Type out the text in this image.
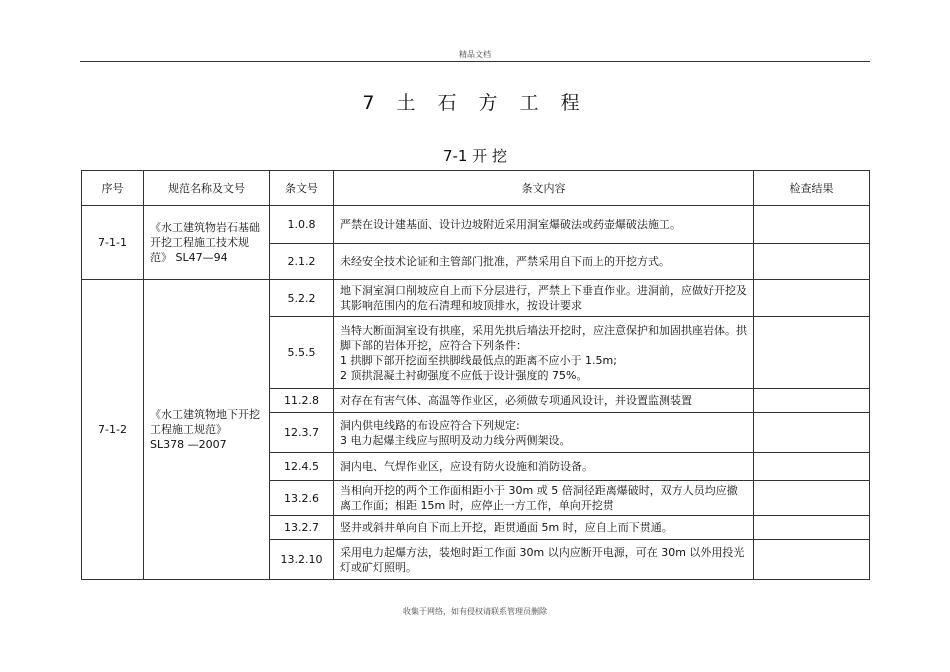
精品文档
7 土 石 方 工 程
7-1 开 挖
序号	规范名称及文号	条文号	条文内容	检查结果
7-1-1	《水工建筑物岩石基础开挖工程施工技术规范》 SL47—94	1.0.8	严禁在设计建基面、设计边坡附近采用洞室爆破法或药壶爆破法施工。	

		2.1.2	未经安全技术论证和主管部门批准，严禁采用自下而上的开挖方式。	

7-1-2	《水工建筑物地下开挖工程施工规范》 SL378 —2007	5.2.2	地下洞室洞口削坡应自上而下分层进行，严禁上下垂直作业。进洞前，应做好开挖及其影响范围内的危石清理和坡顶排水，按设计要求	

		5.5.5	当特大断面洞室设有拱座，采用先拱后墙法开挖时，应注意保护和加固拱座岩体。拱脚下部的岩体开挖，应符合下列条件：
1 拱脚下部开挖面至拱脚线最低点的距离不应小于 1.5m;
2 顶拱混凝土衬砌强度不应低于设计强度的 75%。	

		11.2.8	对存在有害气体、高温等作业区，必须做专项通风设计，并设置监测装置	

		12.3.7	洞内供电线路的布设应符合下列规定:
3 电力起爆主线应与照明及动力线分两侧架设。	

		12.4.5	洞内电、气焊作业区，应设有防火设施和消防设备。	

		13.2.6	当相向开挖的两个工作面相距小于 30m 或 5 倍洞径距离爆破时，双方人员均应撤离工作面；相距 15m 时，应停止一方工作，单向开挖贯	

		13.2.7	竖井或斜井单向自下而上开挖，距贯通面 5m 时，应自上而下贯通。	

		13.2.10	采用电力起爆方法，装炮时距工作面 30m 以内应断开电源，可在 30m 以外用投光灯或矿灯照明。	

收集于网络，如有侵权请联系管理员删除
